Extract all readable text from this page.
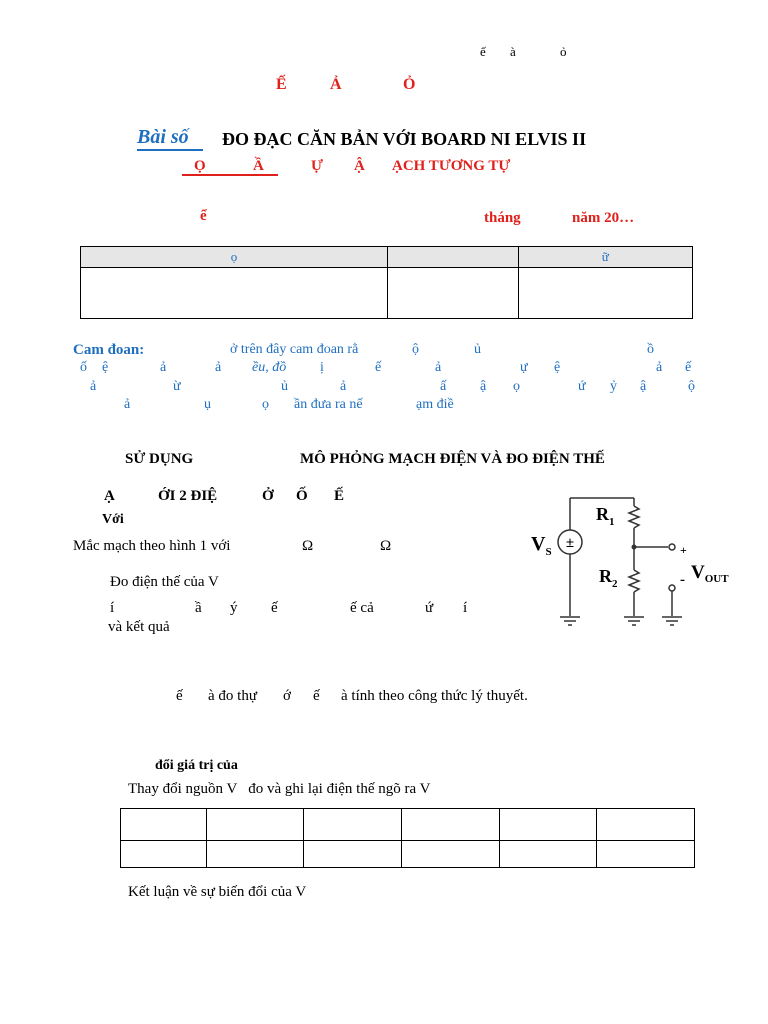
ế à	ỏ
Ế	Ả	Ỏ
Bài số	ĐO ĐẠC CĂN BẢN VỚI BOARD NI ELVIS II
Ọ	Ầ	Ự Ậ ẠCH TƯƠNG TỰ
ể	tháng	năm 20…
ọ		ữ

Cam đoan:	ở trên đây cam đoan rằ	ộ	ủ	ồ
ố ệ	ả	ả ều, đồ ị	ế	ả	ự ệ	ả ế
ả	ừ	ủ	ả	ấ ậ ọ	ứ ỷ ậ	ộ
ả	ụ	ọ ần đưa ra nế	ạm điề
SỬ DỤNG	MÔ PHỎNG MẠCH ĐIỆN VÀ ĐO ĐIỆN THẾ
Ạ	ỚI 2 ĐIỆ	Ở Ố Ế
Với
Mắc mạch theo hình 1 với	Ω	Ω
Đo điện thế của V
í	ầ ý ế	ế cả	ứ í
và kết quả
±
$V_S$
$R_1$
$R_2$
+
- $V_{OUT}$
ế à đo thự ớ ế à tính theo công thức lý thuyết.
đổi giá trị của
Thay đổi nguồn V   đo và ghi lại điện thế ngõ ra V

Kết luận về sự biến đổi của V
